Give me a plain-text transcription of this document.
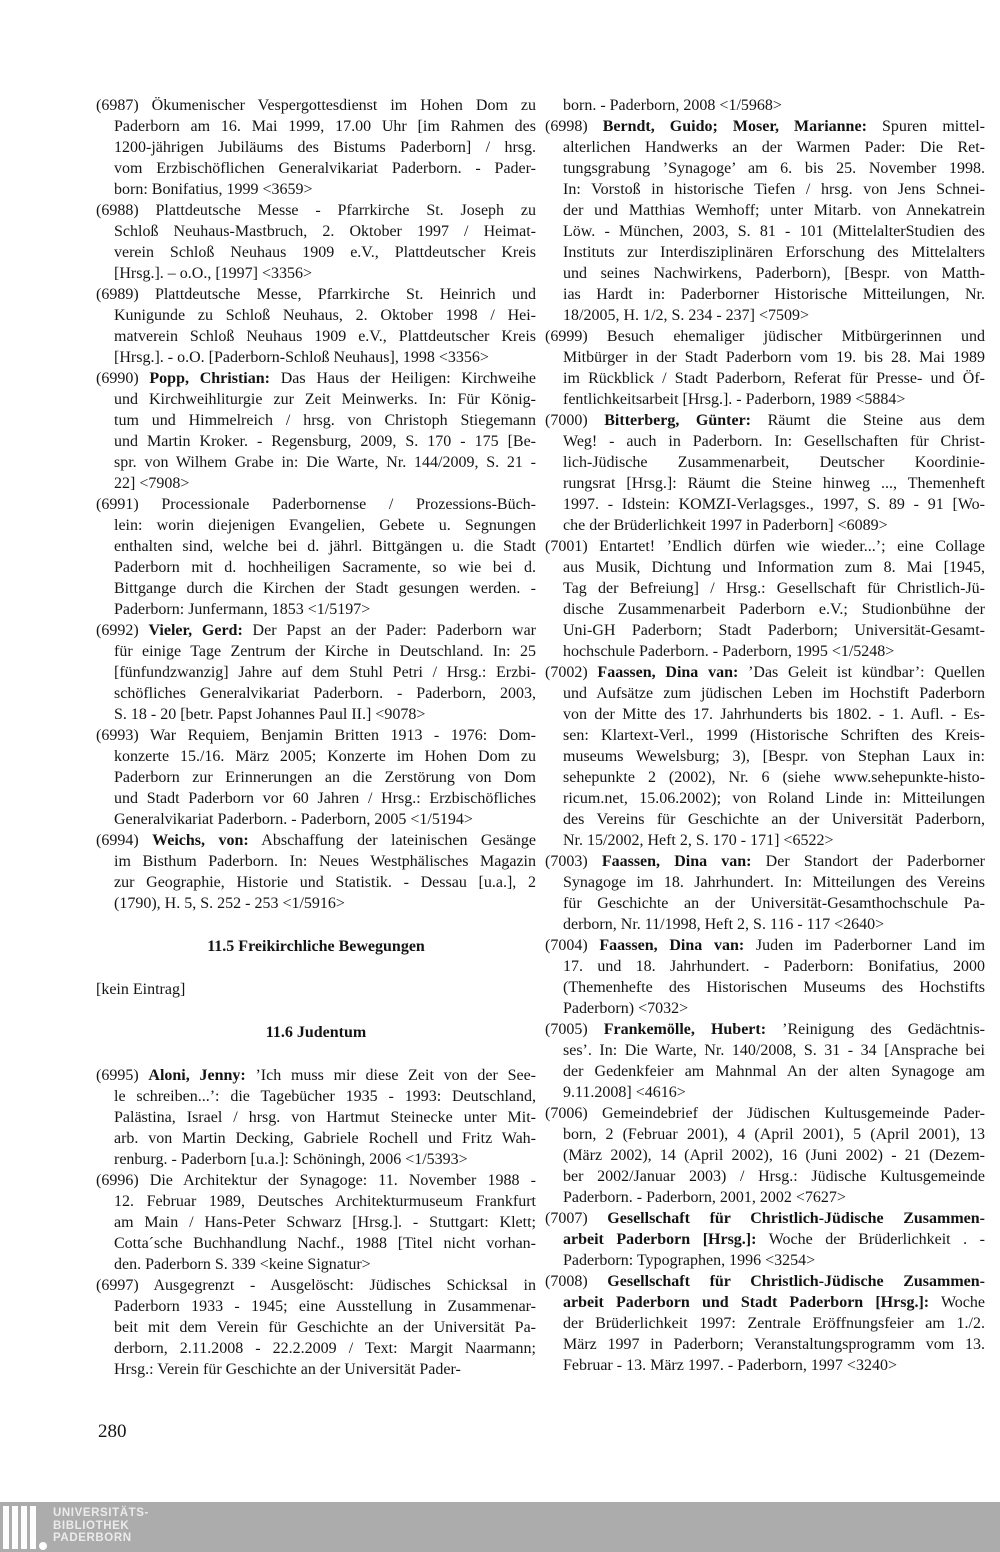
(6987) Ökumenischer Vespergottesdienst im Hohen Dom zu
Paderborn am 16. Mai 1999, 17.00 Uhr [im Rahmen des
1200-jährigen Jubiläums des Bistums Paderborn] / hrsg.
vom Erzbischöflichen Generalvikariat Paderborn. - Pader-
born: Bonifatius, 1999 <3659>
(6988) Plattdeutsche Messe - Pfarrkirche St. Joseph zu
Schloß Neuhaus-Mastbruch, 2. Oktober 1997 / Heimat-
verein Schloß Neuhaus 1909 e.V., Plattdeutscher Kreis
[Hrsg.]. – o.O., [1997] <3356>
(6989) Plattdeutsche Messe, Pfarrkirche St. Heinrich und
Kunigunde zu Schloß Neuhaus, 2. Oktober 1998 / Hei-
matverein Schloß Neuhaus 1909 e.V., Plattdeutscher Kreis
[Hrsg.]. - o.O. [Paderborn-Schloß Neuhaus], 1998 <3356>
(6990) Popp, Christian: Das Haus der Heiligen: Kirchweihe
und Kirchweihliturgie zur Zeit Meinwerks. In: Für König-
tum und Himmelreich / hrsg. von Christoph Stiegemann
und Martin Kroker. - Regensburg, 2009, S. 170 - 175 [Be-
spr. von Wilhem Grabe in: Die Warte, Nr. 144/2009, S. 21 -
22] <7908>
(6991) Processionale Paderbornense / Prozessions-Büch-
lein: worin diejenigen Evangelien, Gebete u. Segnungen
enthalten sind, welche bei d. jährl. Bittgängen u. die Stadt
Paderborn mit d. hochheiligen Sacramente, so wie bei d.
Bittgange durch die Kirchen der Stadt gesungen werden. -
Paderborn: Junfermann, 1853 <1/5197>
(6992) Vieler, Gerd: Der Papst an der Pader: Paderborn war
für einige Tage Zentrum der Kirche in Deutschland. In: 25
[fünfundzwanzig] Jahre auf dem Stuhl Petri / Hrsg.: Erzbi-
schöfliches Generalvikariat Paderborn. - Paderborn, 2003,
S. 18 - 20 [betr. Papst Johannes Paul II.] <9078>
(6993) War Requiem, Benjamin Britten 1913 - 1976: Dom-
konzerte 15./16. März 2005; Konzerte im Hohen Dom zu
Paderborn zur Erinnerungen an die Zerstörung von Dom
und Stadt Paderborn vor 60 Jahren / Hrsg.: Erzbischöfliches
Generalvikariat Paderborn. - Paderborn, 2005 <1/5194>
(6994) Weichs, von: Abschaffung der lateinischen Gesänge
im Bisthum Paderborn. In: Neues Westphälisches Magazin
zur Geographie, Historie und Statistik. - Dessau [u.a.], 2
(1790), H. 5, S. 252 - 253 <1/5916>
11.5 Freikirchliche Bewegungen
[kein Eintrag]
11.6 Judentum
(6995) Aloni, Jenny: ’Ich muss mir diese Zeit von der See-
le schreiben...’: die Tagebücher 1935 - 1993: Deutschland,
Palästina, Israel / hrsg. von Hartmut Steinecke unter Mit-
arb. von Martin Decking, Gabriele Rochell und Fritz Wah-
renburg. - Paderborn [u.a.]: Schöningh, 2006 <1/5393>
(6996) Die Architektur der Synagoge: 11. November 1988 -
12. Februar 1989, Deutsches Architekturmuseum Frankfurt
am Main / Hans-Peter Schwarz [Hrsg.]. - Stuttgart: Klett;
Cotta´sche Buchhandlung Nachf., 1988 [Titel nicht vorhan-
den. Paderborn S. 339 <keine Signatur>
(6997) Ausgegrenzt - Ausgelöscht: Jüdisches Schicksal in
Paderborn 1933 - 1945; eine Ausstellung in Zusammenar-
beit mit dem Verein für Geschichte an der Universität Pa-
derborn, 2.11.2008 - 22.2.2009 / Text: Margit Naarmann;
Hrsg.: Verein für Geschichte an der Universität Pader-
born. - Paderborn, 2008 <1/5968>
(6998) Berndt, Guido; Moser, Marianne: Spuren mittel-
alterlichen Handwerks an der Warmen Pader: Die Ret-
tungsgrabung ’Synagoge’ am 6. bis 25. November 1998.
In: Vorstoß in historische Tiefen / hrsg. von Jens Schnei-
der und Matthias Wemhoff; unter Mitarb. von Annekatrein
Löw. - München, 2003, S. 81 - 101 (MittelalterStudien des
Instituts zur Interdisziplinären Erforschung des Mittelalters
und seines Nachwirkens, Paderborn), [Bespr. von Matth-
ias Hardt in: Paderborner Historische Mitteilungen, Nr.
18/2005, H. 1/2, S. 234 - 237] <7509>
(6999) Besuch ehemaliger jüdischer Mitbürgerinnen und
Mitbürger in der Stadt Paderborn vom 19. bis 28. Mai 1989
im Rückblick / Stadt Paderborn, Referat für Presse- und Öf-
fentlichkeitsarbeit [Hrsg.]. - Paderborn, 1989 <5884>
(7000) Bitterberg, Günter: Räumt die Steine aus dem
Weg! - auch in Paderborn. In: Gesellschaften für Christ-
lich-Jüdische Zusammenarbeit, Deutscher Koordinie-
rungsrat [Hrsg.]: Räumt die Steine hinweg ..., Themenheft
1997. - Idstein: KOMZI-Verlagsges., 1997, S. 89 - 91 [Wo-
che der Brüderlichkeit 1997 in Paderborn] <6089>
(7001) Entartet! ’Endlich dürfen wie wieder...’; eine Collage
aus Musik, Dichtung und Information zum 8. Mai [1945,
Tag der Befreiung] / Hrsg.: Gesellschaft für Christlich-Jü-
dische Zusammenarbeit Paderborn e.V.; Studionbühne der
Uni-GH Paderborn; Stadt Paderborn; Universität-Gesamt-
hochschule Paderborn. - Paderborn, 1995 <1/5248>
(7002) Faassen, Dina van: ’Das Geleit ist kündbar’: Quellen
und Aufsätze zum jüdischen Leben im Hochstift Paderborn
von der Mitte des 17. Jahrhunderts bis 1802. - 1. Aufl. - Es-
sen: Klartext-Verl., 1999 (Historische Schriften des Kreis-
museums Wewelsburg; 3), [Bespr. von Stephan Laux in:
sehepunkte 2 (2002), Nr. 6 (siehe www.sehepunkte-histo-
ricum.net, 15.06.2002); von Roland Linde in: Mitteilungen
des Vereins für Geschichte an der Universität Paderborn,
Nr. 15/2002, Heft 2, S. 170 - 171] <6522>
(7003) Faassen, Dina van: Der Standort der Paderborner
Synagoge im 18. Jahrhundert. In: Mitteilungen des Vereins
für Geschichte an der Universität-Gesamthochschule Pa-
derborn, Nr. 11/1998, Heft 2, S. 116 - 117 <2640>
(7004) Faassen, Dina van: Juden im Paderborner Land im
17. und 18. Jahrhundert. - Paderborn: Bonifatius, 2000
(Themenhefte des Historischen Museums des Hochstifts
Paderborn) <7032>
(7005) Frankemölle, Hubert: ’Reinigung des Gedächtnis-
ses’. In: Die Warte, Nr. 140/2008, S. 31 - 34 [Ansprache bei
der Gedenkfeier am Mahnmal An der alten Synagoge am
9.11.2008] <4616>
(7006) Gemeindebrief der Jüdischen Kultusgemeinde Pader-
born, 2 (Februar 2001), 4 (April 2001), 5 (April 2001), 13
(März 2002), 14 (April 2002), 16 (Juni 2002) - 21 (Dezem-
ber 2002/Januar 2003) / Hrsg.: Jüdische Kultusgemeinde
Paderborn. - Paderborn, 2001, 2002 <7627>
(7007) Gesellschaft für Christlich-Jüdische Zusammen-
arbeit Paderborn [Hrsg.]: Woche der Brüderlichkeit . -
Paderborn: Typographen, 1996 <3254>
(7008) Gesellschaft für Christlich-Jüdische Zusammen-
arbeit Paderborn und Stadt Paderborn [Hrsg.]: Woche
der Brüderlichkeit 1997: Zentrale Eröffnungsfeier am 1./2.
März 1997 in Paderborn; Veranstaltungsprogramm vom 13.
Februar - 13. März 1997. - Paderborn, 1997 <3240>
280
UNIVERSITÄTS-
BIBLIOTHEK
PADERBORN
